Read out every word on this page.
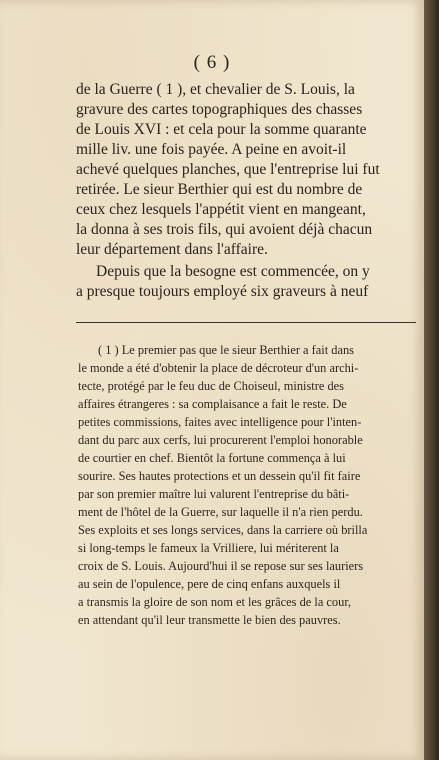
( 6 )
de la Guerre ( 1 ), et chevalier de S. Louis, la
gravure des cartes topographiques des chasses
de Louis XVI : et cela pour la somme quarante
mille liv. une fois payée. A peine en avoit-il
achevé quelques planches, que l'entreprise lui fut
retirée. Le sieur Berthier qui est du nombre de
ceux chez lesquels l'appétit vient en mangeant,
la donna à ses trois fils, qui avoient déjà chacun
leur département dans l'affaire.
Depuis que la besogne est commencée, on y
a presque toujours employé six graveurs à neuf
( 1 ) Le premier pas que le sieur Berthier a fait dans
le monde a été d'obtenir la place de décroteur d'un archi-
tecte, protégé par le feu duc de Choiseul, ministre des
affaires étrangeres : sa complaisance a fait le reste. De
petites commissions, faites avec intelligence pour l'inten-
dant du parc aux cerfs, lui procurerent l'emploi honorable
de courtier en chef. Bientôt la fortune commença à lui
sourire. Ses hautes protections et un dessein qu'il fit faire
par son premier maître lui valurent l'entreprise du bâti-
ment de l'hôtel de la Guerre, sur laquelle il n'a rien perdu.
Ses exploits et ses longs services, dans la carriere où brilla
si long-temps le fameux la Vrilliere, lui mériterent la
croix de S. Louis. Aujourd'hui il se repose sur ses lauriers
au sein de l'opulence, pere de cinq enfans auxquels il
a transmis la gloire de son nom et les grâces de la cour,
en attendant qu'il leur transmette le bien des pauvres.
